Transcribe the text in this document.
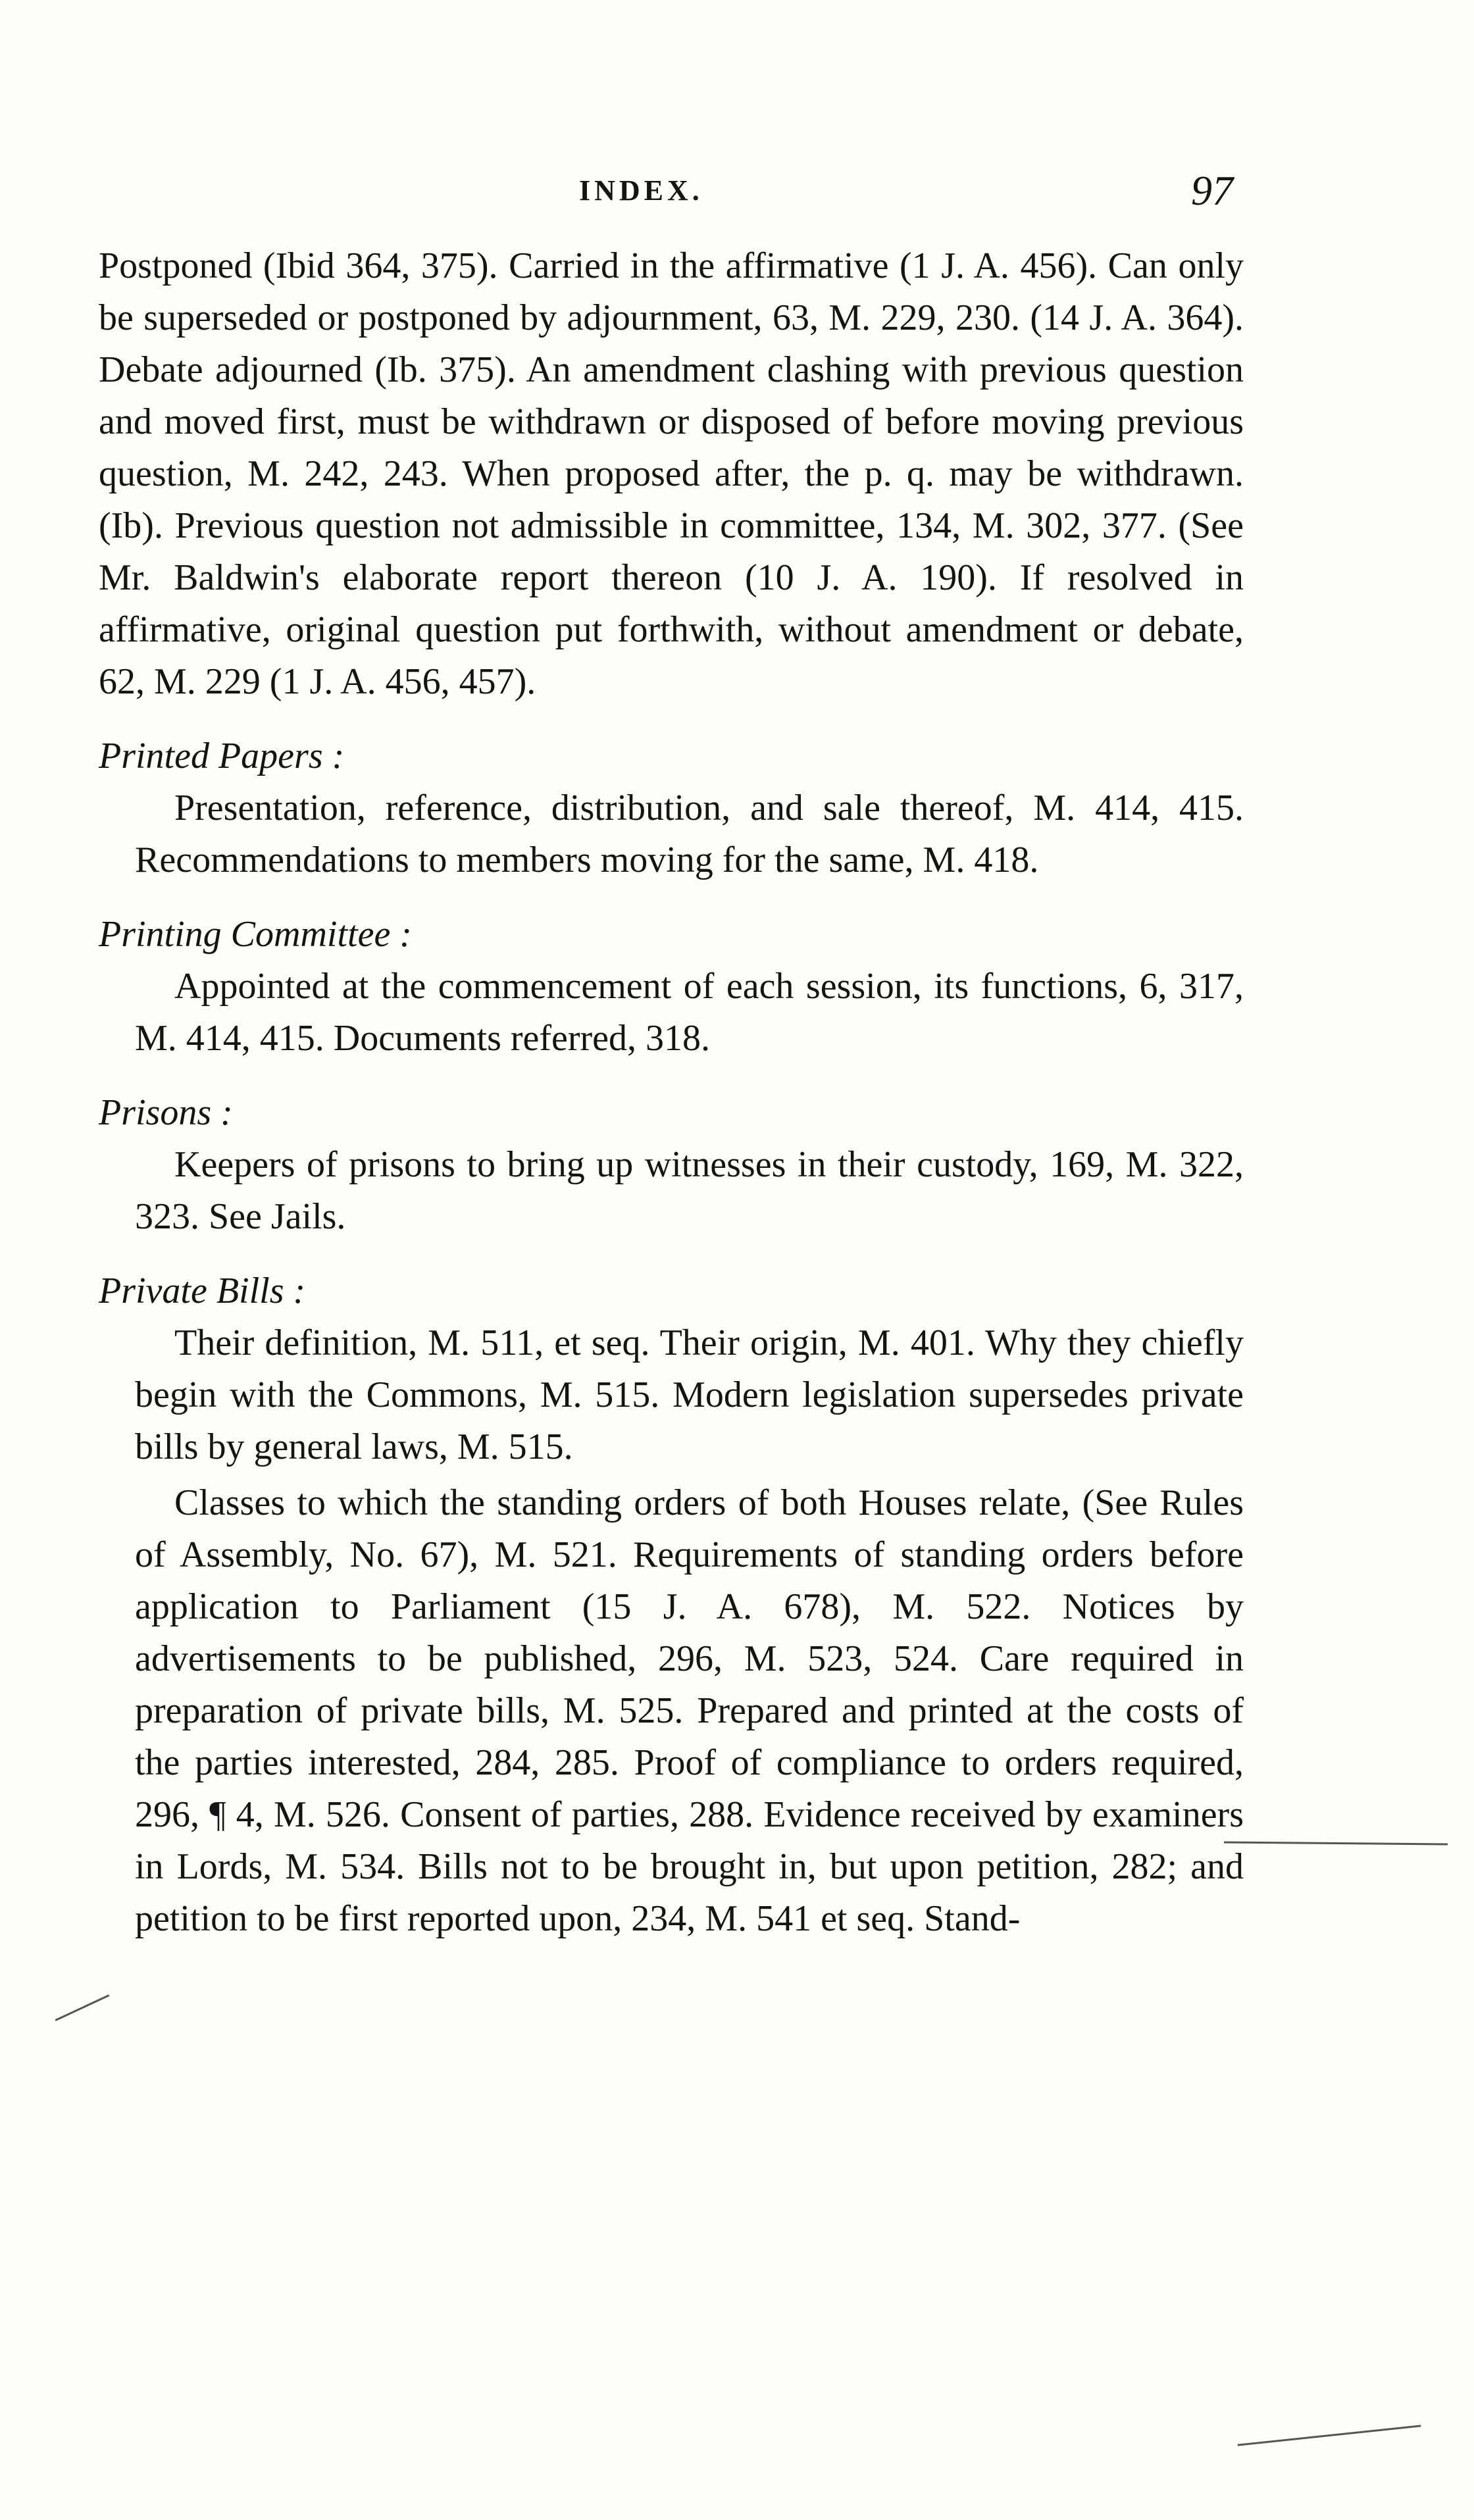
INDEX.	97

Postponed (Ibid 364, 375). Carried in the affirmative (1 J. A. 456). Can only be superseded or postponed by adjournment, 63, M. 229, 230. (14 J. A. 364). Debate adjourned (Ib. 375). An amendment clashing with previous question and moved first, must be withdrawn or disposed of before moving previous question, M. 242, 243. When proposed after, the p. q. may be withdrawn. (Ib). Previous question not admissible in committee, 134, M. 302, 377. (See Mr. Baldwin's elaborate report thereon (10 J. A. 190). If resolved in affirmative, original question put forthwith, without amendment or debate, 62, M. 229 (1 J. A. 456, 457).

Printed Papers :

Presentation, reference, distribution, and sale thereof, M. 414, 415. Recommendations to members moving for the same, M. 418.

Printing Committee :

Appointed at the commencement of each session, its functions, 6, 317, M. 414, 415. Documents referred, 318.

Prisons :

Keepers of prisons to bring up witnesses in their custody, 169, M. 322, 323. See Jails.

Private Bills :

Their definition, M. 511, et seq. Their origin, M. 401. Why they chiefly begin with the Commons, M. 515. Modern legislation supersedes private bills by general laws, M. 515.

Classes to which the standing orders of both Houses relate, (See Rules of Assembly, No. 67), M. 521. Requirements of standing orders before application to Parliament (15 J. A. 678), M. 522. Notices by advertisements to be published, 296, M. 523, 524. Care required in preparation of private bills, M. 525. Prepared and printed at the costs of the parties interested, 284, 285. Proof of compliance to orders required, 296, ¶ 4, M. 526. Consent of parties, 288. Evidence received by examiners in Lords, M. 534. Bills not to be brought in, but upon petition, 282; and petition to be first reported upon, 234, M. 541 et seq. Stand-
